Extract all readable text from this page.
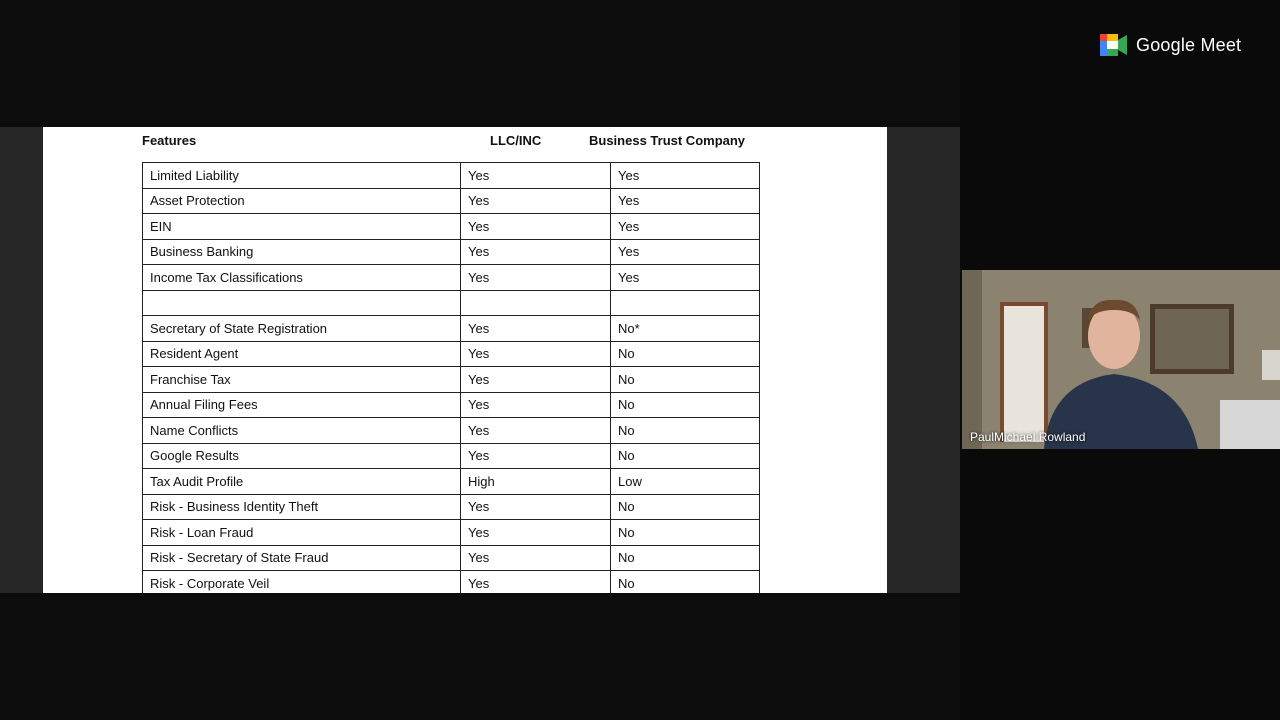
Features	LLC/INC	Business Trust Company
Limited Liability	Yes	Yes
Asset Protection	Yes	Yes
EIN	Yes	Yes
Business Banking	Yes	Yes
Income Tax Classifications	Yes	Yes

Secretary of State Registration	Yes	No*
Resident Agent	Yes	No
Franchise Tax	Yes	No
Annual Filing Fees	Yes	No
Name Conflicts	Yes	No
Google Results	Yes	No
Tax Audit Profile	High	Low
Risk - Business Identity Theft	Yes	No
Risk - Loan Fraud	Yes	No
Risk - Secretary of State Fraud	Yes	No
Risk - Corporate Veil	Yes	No
Google Meet
PaulMichael Rowland
